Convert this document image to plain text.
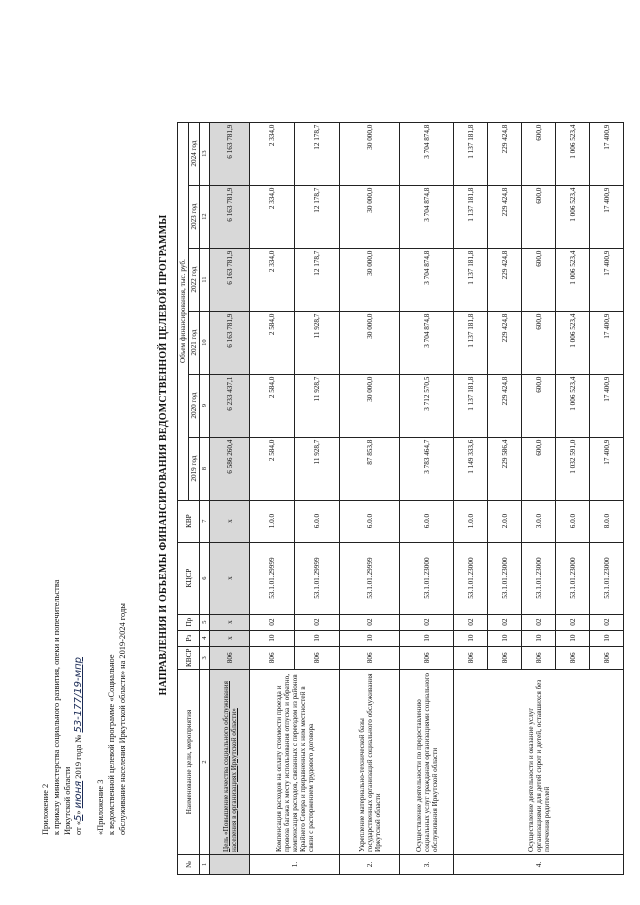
Приложение 2 к приказу министерства социального развития, опеки и попечительства Иркутской области от «5» июня 2019 года № 53-177/19-мпр
«Приложение 3 к ведомственной целевой программе «Социальное обслуживание населения Иркутской области» на 2019-2024 годы
НАПРАВЛЕНИЯ И ОБЪЕМЫ ФИНАНСИРОВАНИЯ ВЕДОМСТВЕННОЙ ЦЕЛЕВОЙ ПРОГРАММЫ
№	Наименование цели, мероприятия	КВСР	Рз	Пр	КЦСР	КВР	Объем финансирования, тыс. руб.					
							2019 год	2020 год	2021 год	2022 год	2023 год	2024 год
1	2	3	4	5	6	7	8	9	10	11	12	13
	Цель «Повышение качества социального обслуживания населения в организациях Иркутской области»	806	x	x	x	x	6 586 260,4	6 233 437,1	6 163 781,9	6 163 781,9	6 163 781,9	6 163 781,9
1.	Компенсация расходов на оплату стоимости проезда и провоза багажа к месту использования отпуска и обратно, компенсация расходов, связанных с переездом из районов Крайнего Севера и приравненных к ним местностей в связи с расторжением трудового договора	806	10	02	53.1.01.29999	1.0.0	2 584,0	2 584,0	2 584,0	2 334,0	2 334,0	2 334,0
		806	10	02	53.1.01.29999	6.0.0	11 928,7	11 928,7	11 928,7	12 178,7	12 178,7	12 178,7
2.	Укрепление материально-технической базы государственных организаций социального обслуживания Иркутской области	806	10	02	53.1.01.29999	6.0.0	87 853,8	30 000,0	30 000,0	30 000,0	30 000,0	30 000,0
3.	Осуществление деятельности по предоставлению социальных услуг гражданам организациями социального обслуживания Иркутской области	806	10	02	53.1.01.23000	6.0.0	3 783 464,7	3 712 570,5	3 704 874,8	3 704 874,8	3 704 874,8	3 704 874,8
4.	Осуществление деятельности и оказание услуг организациями для детей сирот и детей, оставшихся без попечения родителей	806	10	02	53.1.01.23000	1.0.0	1 149 333,6	1 137 181,8	1 137 181,8	1 137 181,8	1 137 181,8	1 137 181,8
		806	10	02	53.1.01.23000	2.0.0	229 586,4	229 424,8	229 424,8	229 424,8	229 424,8	229 424,8
		806	10	02	53.1.01.23000	3.0.0	600,0	600,0	600,0	600,0	600,0	600,0
		806	10	02	53.1.01.23000	6.0.0	1 032 591,0	1 006 523,4	1 006 523,4	1 006 523,4	1 006 523,4	1 006 523,4
		806	10	02	53.1.01.23000	8.0.0	17 400,9	17 400,9	17 400,9	17 400,9	17 400,9	17 400,9
